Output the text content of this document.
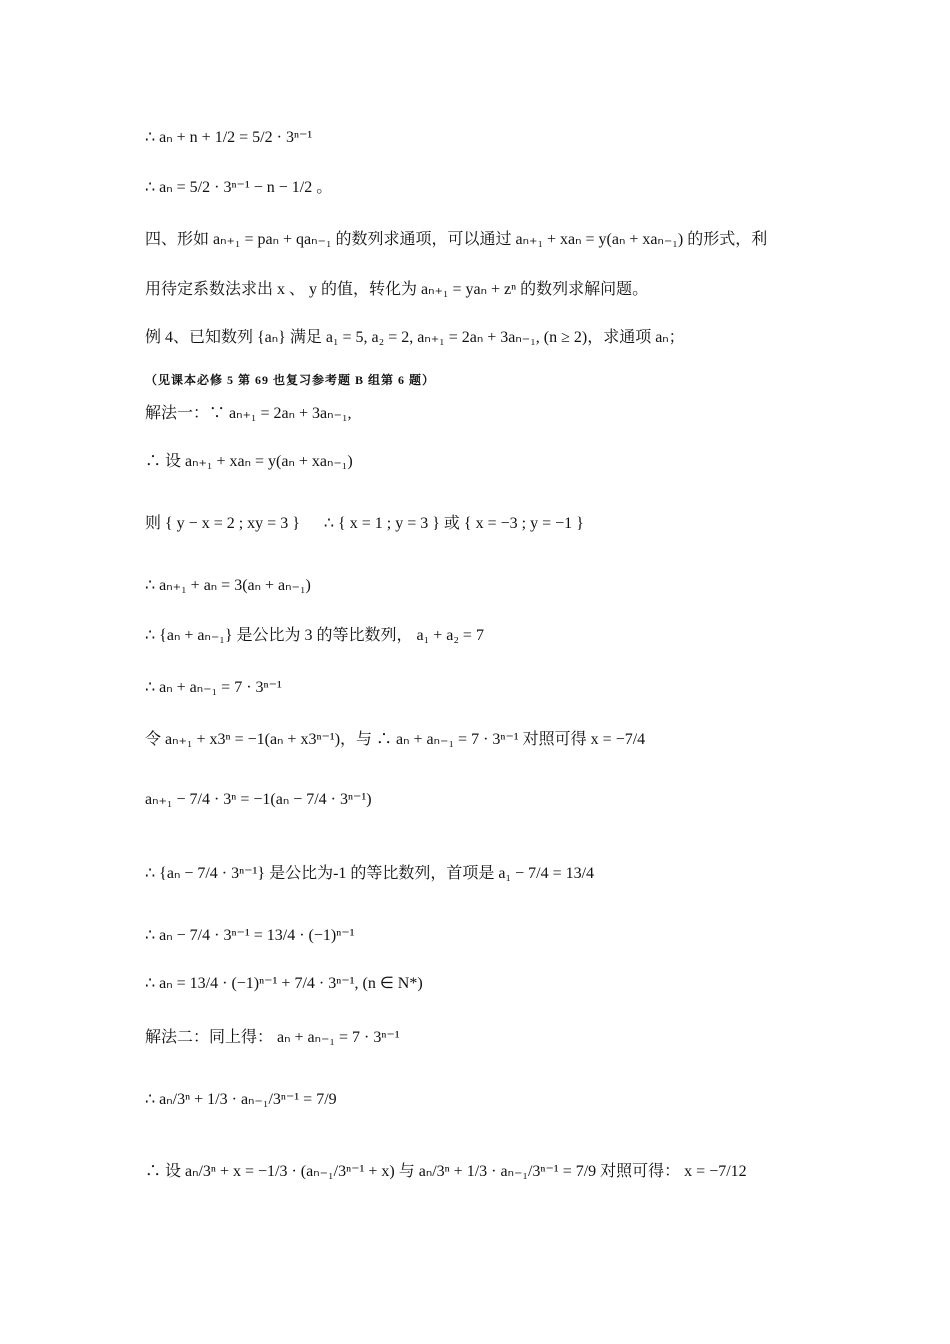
∴ aₙ + n + 1/2 = 5/2 · 3ⁿ⁻¹
∴ aₙ = 5/2 · 3ⁿ⁻¹ − n − 1/2 。
四、形如 aₙ₊₁ = paₙ + qaₙ₋₁ 的数列求通项，可以通过 aₙ₊₁ + xaₙ = y(aₙ + xaₙ₋₁) 的形式，利
用待定系数法求出 x 、 y 的值，转化为 aₙ₊₁ = yaₙ + zⁿ 的数列求解问题。
例 4、已知数列 {aₙ} 满足 a₁ = 5, a₂ = 2, aₙ₊₁ = 2aₙ + 3aₙ₋₁, (n ≥ 2)，求通项 aₙ；
（见课本必修 5 第 69 也复习参考题 B 组第 6 题）
解法一：∵ aₙ₊₁ = 2aₙ + 3aₙ₋₁,
∴ 设 aₙ₊₁ + xaₙ = y(aₙ + xaₙ₋₁)
则 { y − x = 2 ; xy = 3 }      ∴ { x = 1 ; y = 3 } 或 { x = −3 ; y = −1 }
∴ aₙ₊₁ + aₙ = 3(aₙ + aₙ₋₁)
∴ {aₙ + aₙ₋₁} 是公比为 3 的等比数列， a₁ + a₂ = 7
∴ aₙ + aₙ₋₁ = 7 · 3ⁿ⁻¹
令 aₙ₊₁ + x3ⁿ = −1(aₙ + x3ⁿ⁻¹)，与 ∴ aₙ + aₙ₋₁ = 7 · 3ⁿ⁻¹ 对照可得 x = −7/4
aₙ₊₁ − 7/4 · 3ⁿ = −1(aₙ − 7/4 · 3ⁿ⁻¹)
∴ {aₙ − 7/4 · 3ⁿ⁻¹} 是公比为-1 的等比数列，首项是 a₁ − 7/4 = 13/4
∴ aₙ − 7/4 · 3ⁿ⁻¹ = 13/4 · (−1)ⁿ⁻¹
∴ aₙ = 13/4 · (−1)ⁿ⁻¹ + 7/4 · 3ⁿ⁻¹, (n ∈ N*)
解法二：同上得： aₙ + aₙ₋₁ = 7 · 3ⁿ⁻¹
∴ aₙ/3ⁿ + 1/3 · aₙ₋₁/3ⁿ⁻¹ = 7/9
∴ 设 aₙ/3ⁿ + x = −1/3 · (aₙ₋₁/3ⁿ⁻¹ + x) 与 aₙ/3ⁿ + 1/3 · aₙ₋₁/3ⁿ⁻¹ = 7/9 对照可得： x = −7/12
